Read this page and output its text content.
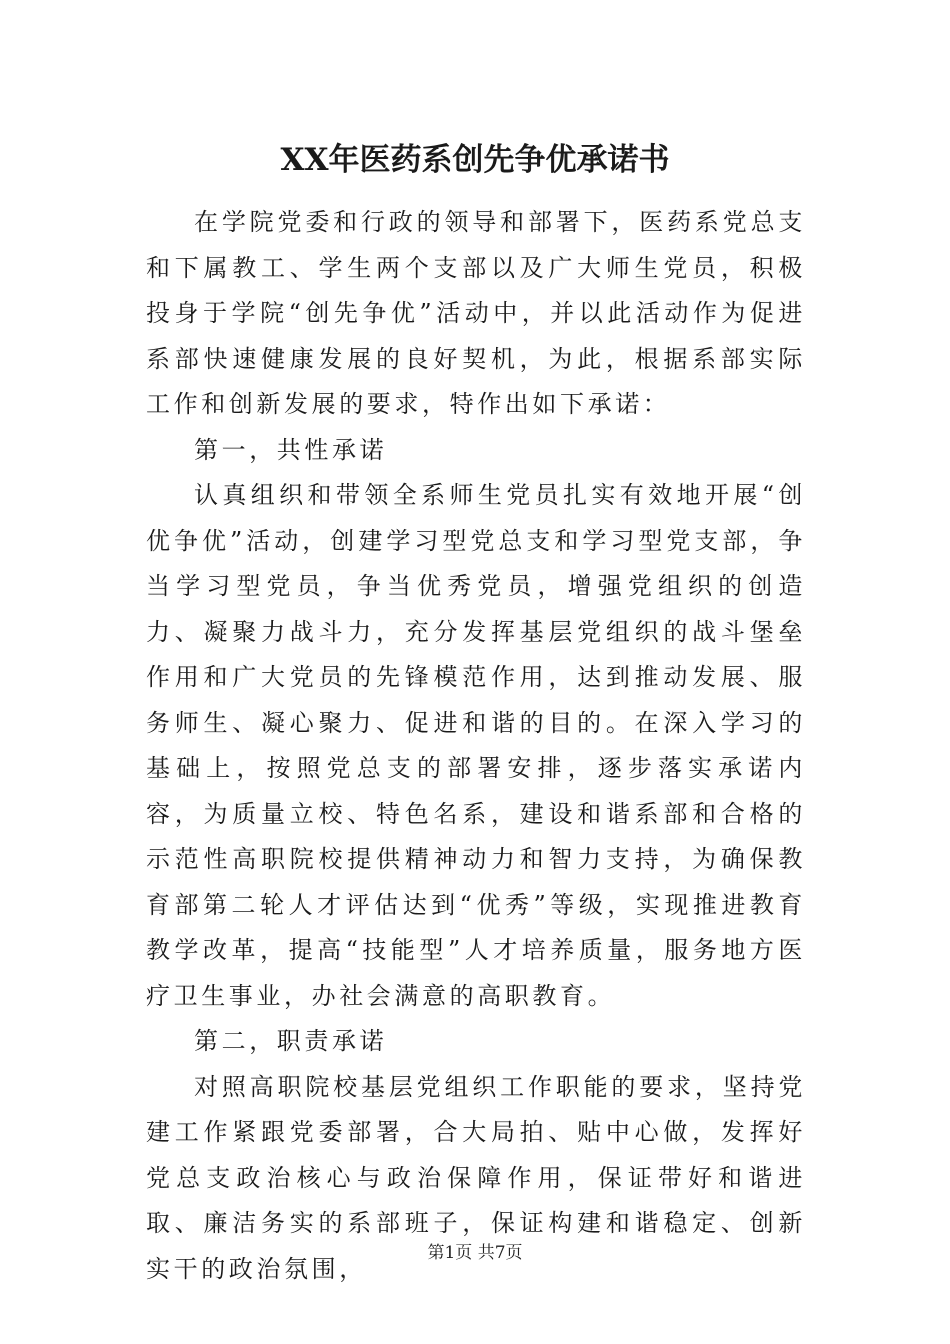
XX年医药系创先争优承诺书

在学院党委和行政的领导和部署下，医药系党总支和下属教工、学生两个支部以及广大师生党员，积极投身于学院“创先争优”活动中，并以此活动作为促进系部快速健康发展的良好契机，为此，根据系部实际工作和创新发展的要求，特作出如下承诺：

第一，共性承诺

认真组织和带领全系师生党员扎实有效地开展“创优争优”活动，创建学习型党总支和学习型党支部，争当学习型党员，争当优秀党员，增强党组织的创造力、凝聚力战斗力，充分发挥基层党组织的战斗堡垒作用和广大党员的先锋模范作用，达到推动发展、服务师生、凝心聚力、促进和谐的目的。在深入学习的基础上，按照党总支的部署安排，逐步落实承诺内容，为质量立校、特色名系，建设和谐系部和合格的示范性高职院校提供精神动力和智力支持，为确保教育部第二轮人才评估达到“优秀”等级，实现推进教育教学改革，提高“技能型”人才培养质量，服务地方医疗卫生事业，办社会满意的高职教育。

第二，职责承诺

对照高职院校基层党组织工作职能的要求，坚持党建工作紧跟党委部署，合大局拍、贴中心做，发挥好党总支政治核心与政治保障作用，保证带好和谐进取、廉洁务实的系部班子，保证构建和谐稳定、创新实干的政治氛围，

第1页 共7页
